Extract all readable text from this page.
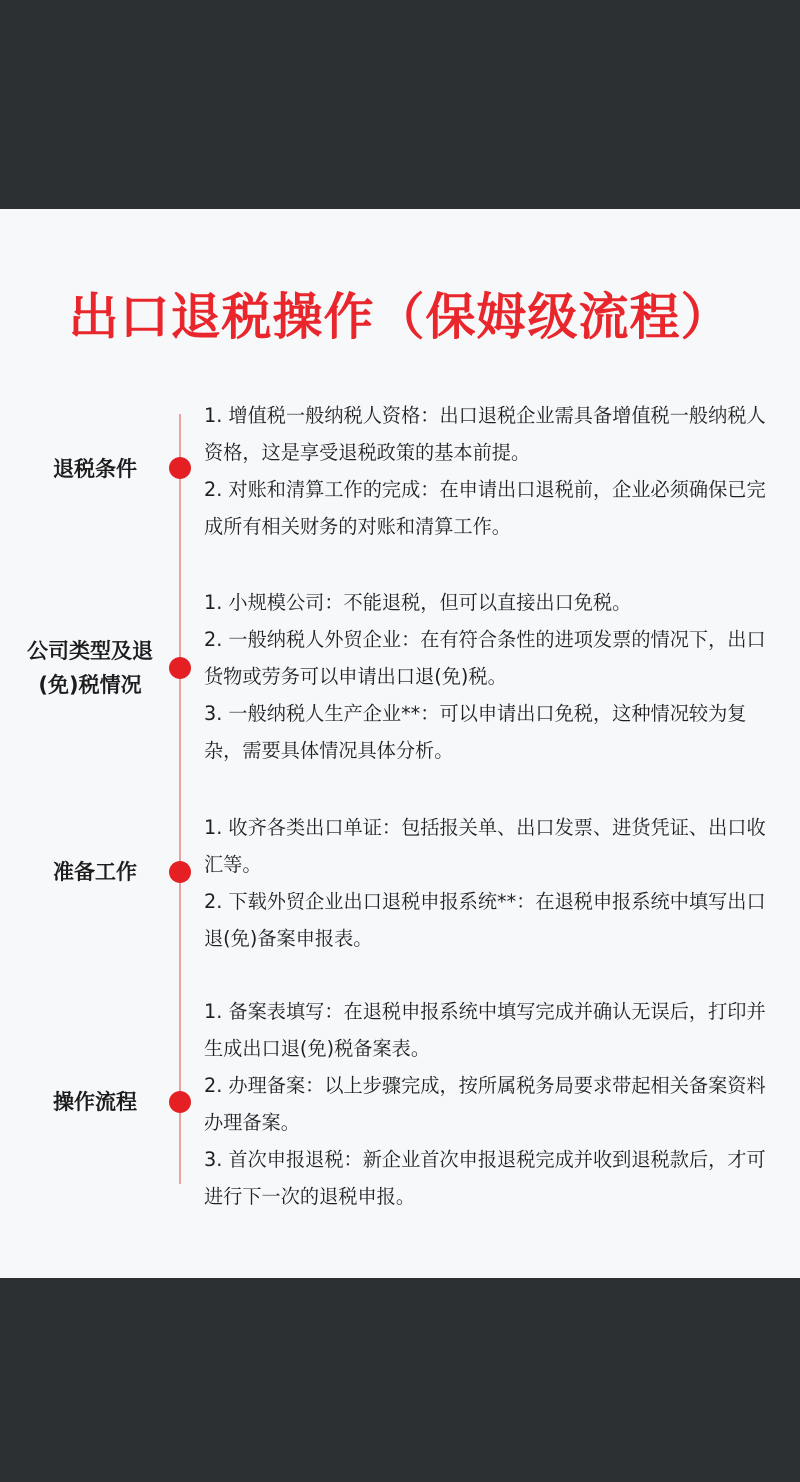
出口退税操作（保姆级流程）
退税条件

1. 增值税一般纳税人资格：出口退税企业需具备增值税一般纳税人资格，这是享受退税政策的基本前提。

2. 对账和清算工作的完成：在申请出口退税前，企业必须确保已完成所有相关财务的对账和清算工作。

公司类型及退(免)税情况

1. 小规模公司：不能退税，但可以直接出口免税。

2. 一般纳税人外贸企业：在有符合条性的进项发票的情况下，出口货物或劳务可以申请出口退(免)税。

3. 一般纳税人生产企业**：可以申请出口免税，这种情况较为复杂，需要具体情况具体分析。

准备工作

1. 收齐各类出口单证：包括报关单、出口发票、进货凭证、出口收汇等。

2. 下载外贸企业出口退税申报系统**：在退税申报系统中填写出口退(免)备案申报表。

操作流程

1. 备案表填写：在退税申报系统中填写完成并确认无误后，打印并生成出口退(免)税备案表。

2. 办理备案：以上步骤完成，按所属税务局要求带起相关备案资料办理备案。

3. 首次申报退税：新企业首次申报退税完成并收到退税款后，才可进行下一次的退税申报。
